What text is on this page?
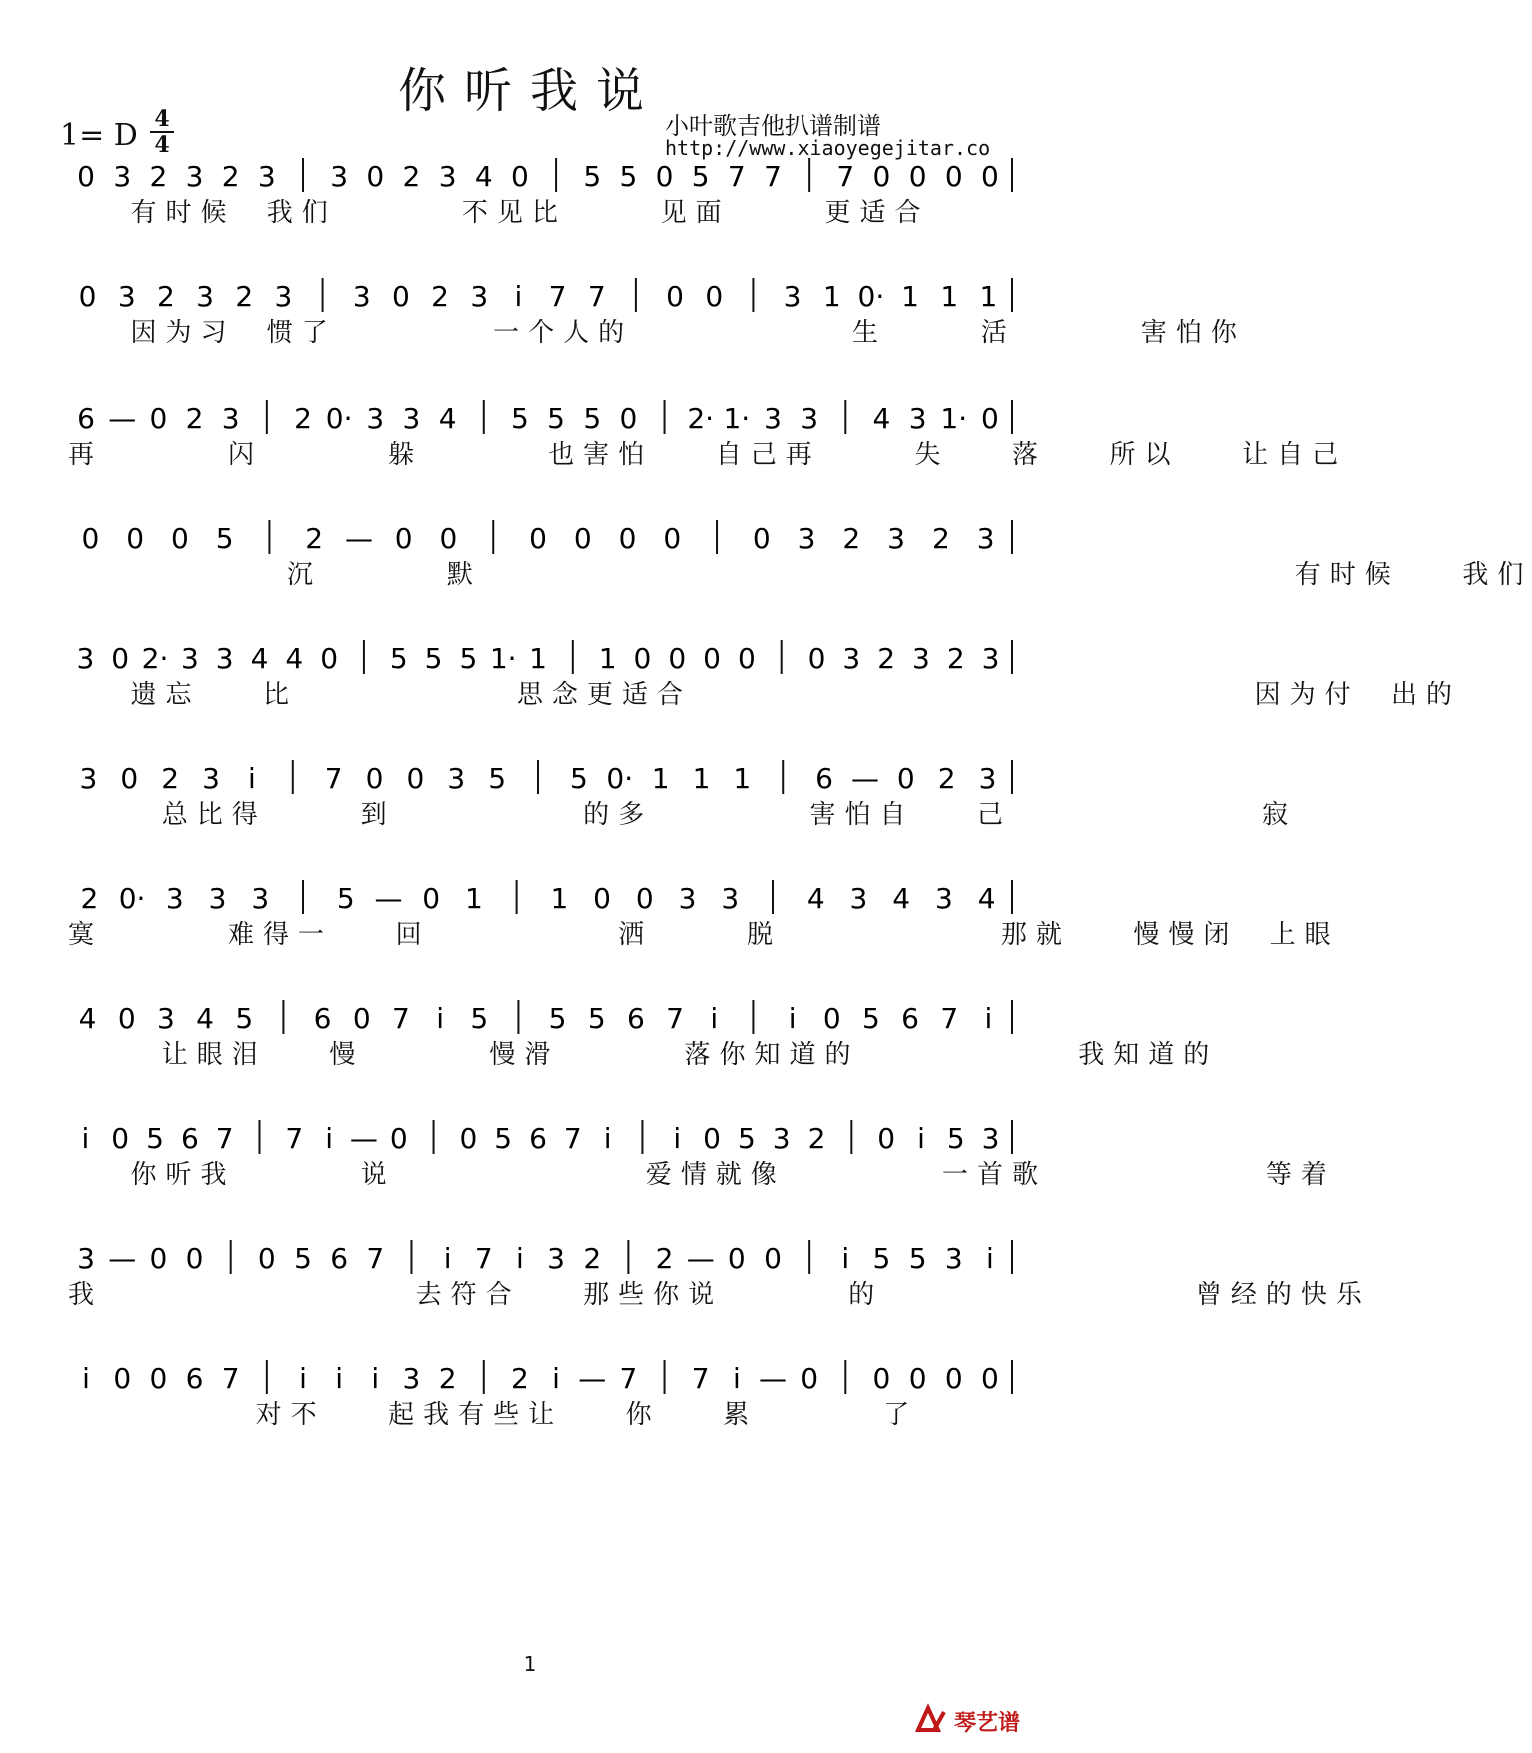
你听我说
1= D 4
4
小叶歌吉他扒谱制谱
http://www.xiaoyegejitar.co
0 3 2 3 2 3 3 0 2 3 4 0 5 5 0 5 7 7 7 0 0 0 0
有时候 我们    不见比   见面   更适合
0 3 2 3 2 3 3 0 2 3 i 7 7 0 0 3 1 0· 1 1 1
因为习 惯了     一个人的       生   活    害怕你
6 — 0 2 3 2 0· 3 3 4 5 5 5 0 2· 1· 3 3 4 3 1· 0
再    闪    躲    也害怕  自己再   失  落  所以  让自己
0 0 0 5	2 — 0 0	0 0 0 0	0 3 2 3 2 3
沉    默                          有时候  我们
3 0 2· 3 3 4 4 0 5 5 5 1· 1 1 0 0 0 0 0 3 2 3 2 3
遗忘  比       思念更适合                  因为付 出的
3 0 2 3 i 7 0 0 3 5 5 0· 1 1 1 6 — 0 2 3
总比得   到      的多     害怕自  己        寂
2 0· 3 3 3 5 — 0 1 1 0 0 3 3 4 3 4 3 4
寞    难得一  回      洒   脱       那就  慢慢闭 上眼
4 0 3 4 5 6 0 7 i 5 5 5 6 7 i	i 0 5 6 7 i
让眼泪  慢    慢滑    落你知道的       我知道的
i 0 5 6 7 7 i — 0 0 5 6 7 i i 0 5 3 2 0 i 5 3
你听我    说        爱情就像     一首歌       等着
3 — 0 0 0 5 6 7 i 7 i 3 2 2 — 0 0 i 5 5 3 i
我          去符合  那些你说    的          曾经的快乐
i 0 0 6 7 i i i 3 2 2 i — 7 7 i — 0 0 0 0 0
对不  起我有些让  你  累    了
1
琴艺谱
